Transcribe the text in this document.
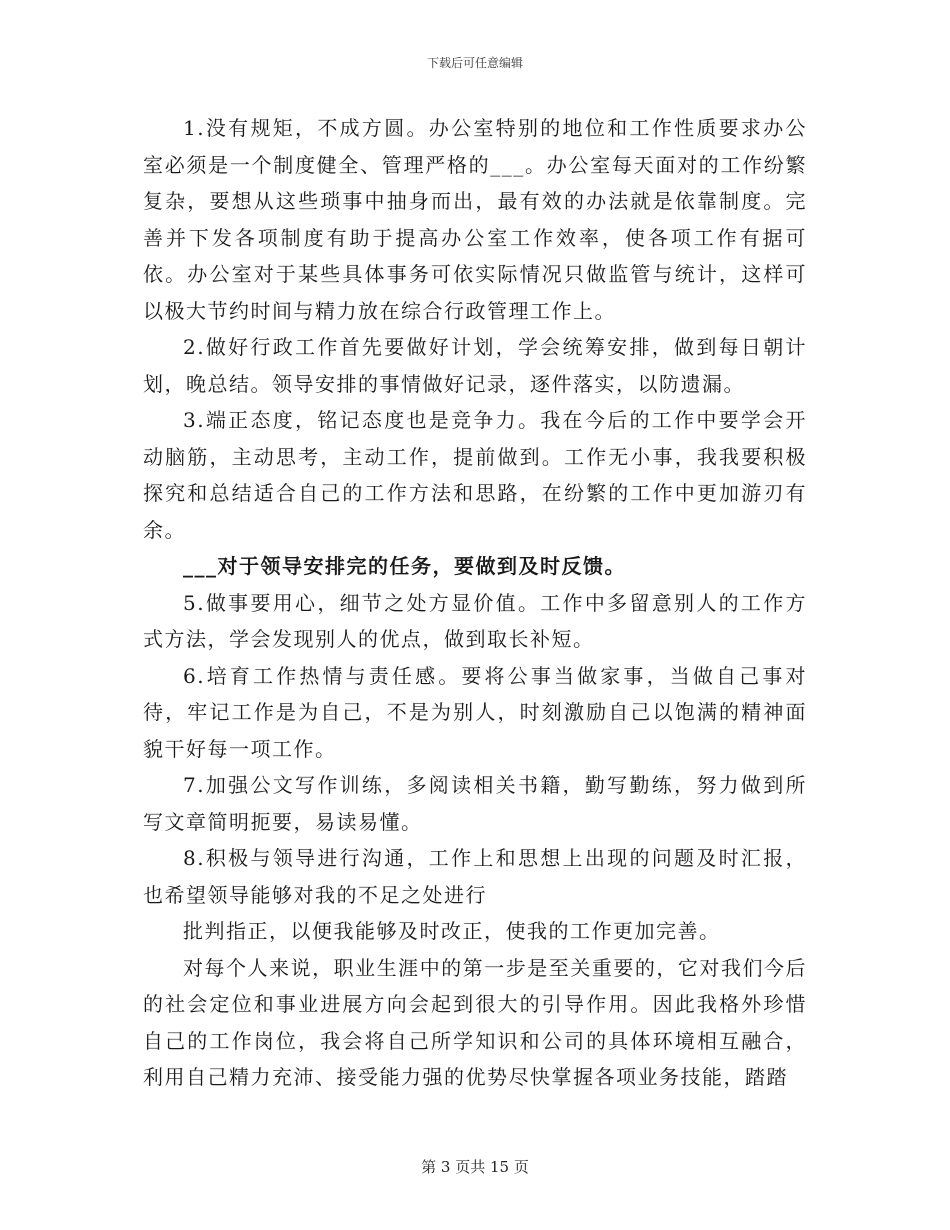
下载后可任意编辑

1.没有规矩，不成方圆。办公室特别的地位和工作性质要求办公室必须是一个制度健全、管理严格的___。办公室每天面对的工作纷繁复杂，要想从这些琐事中抽身而出，最有效的办法就是依靠制度。完善并下发各项制度有助于提高办公室工作效率，使各项工作有据可依。办公室对于某些具体事务可依实际情况只做监管与统计，这样可以极大节约时间与精力放在综合行政管理工作上。

2.做好行政工作首先要做好计划，学会统筹安排，做到每日朝计划，晚总结。领导安排的事情做好记录，逐件落实，以防遗漏。

3.端正态度，铭记态度也是竞争力。我在今后的工作中要学会开动脑筋，主动思考，主动工作，提前做到。工作无小事，我我要积极探究和总结适合自己的工作方法和思路，在纷繁的工作中更加游刃有余。

___对于领导安排完的任务，要做到及时反馈。

5.做事要用心，细节之处方显价值。工作中多留意别人的工作方式方法，学会发现别人的优点，做到取长补短。

6.培育工作热情与责任感。要将公事当做家事，当做自己事对待，牢记工作是为自己，不是为别人，时刻激励自己以饱满的精神面貌干好每一项工作。

7.加强公文写作训练，多阅读相关书籍，勤写勤练，努力做到所写文章简明扼要，易读易懂。

8.积极与领导进行沟通，工作上和思想上出现的问题及时汇报，也希望领导能够对我的不足之处进行

批判指正，以便我能够及时改正，使我的工作更加完善。

对每个人来说，职业生涯中的第一步是至关重要的，它对我们今后的社会定位和事业进展方向会起到很大的引导作用。因此我格外珍惜自己的工作岗位，我会将自己所学知识和公司的具体环境相互融合，利用自己精力充沛、接受能力强的优势尽快掌握各项业务技能，踏踏

第 3 页共 15 页
